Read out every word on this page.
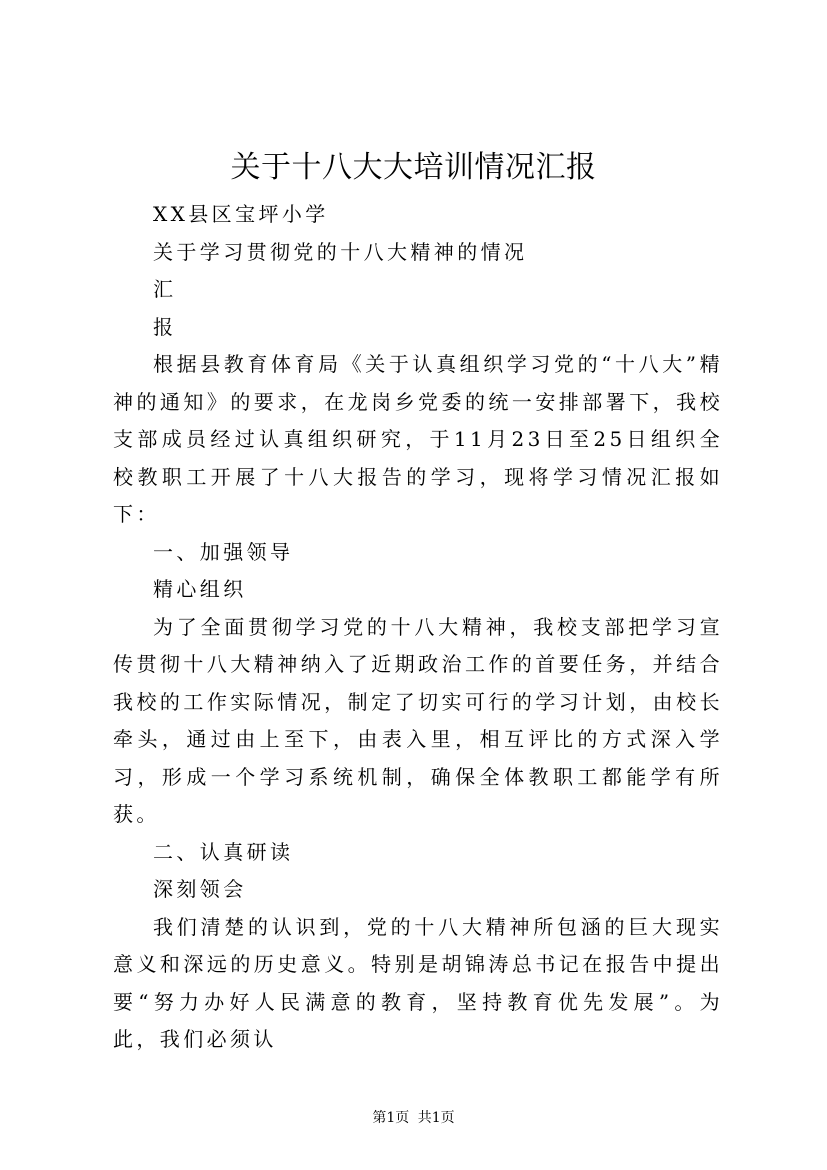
关于十八大大培训情况汇报

XX县区宝坪小学

关于学习贯彻党的十八大精神的情况

汇

报

根据县教育体育局《关于认真组织学习党的“十八大”精神的通知》的要求，在龙岗乡党委的统一安排部署下，我校支部成员经过认真组织研究，于11月23日至25日组织全校教职工开展了十八大报告的学习，现将学习情况汇报如下：

一、加强领导

精心组织

为了全面贯彻学习党的十八大精神，我校支部把学习宣传贯彻十八大精神纳入了近期政治工作的首要任务，并结合我校的工作实际情况，制定了切实可行的学习计划，由校长牵头，通过由上至下，由表入里，相互评比的方式深入学习，形成一个学习系统机制，确保全体教职工都能学有所获。

二、认真研读

深刻领会

我们清楚的认识到，党的十八大精神所包涵的巨大现实意义和深远的历史意义。特别是胡锦涛总书记在报告中提出要“努力办好人民满意的教育，坚持教育优先发展”。为此，我们必须认

第1页 共1页
